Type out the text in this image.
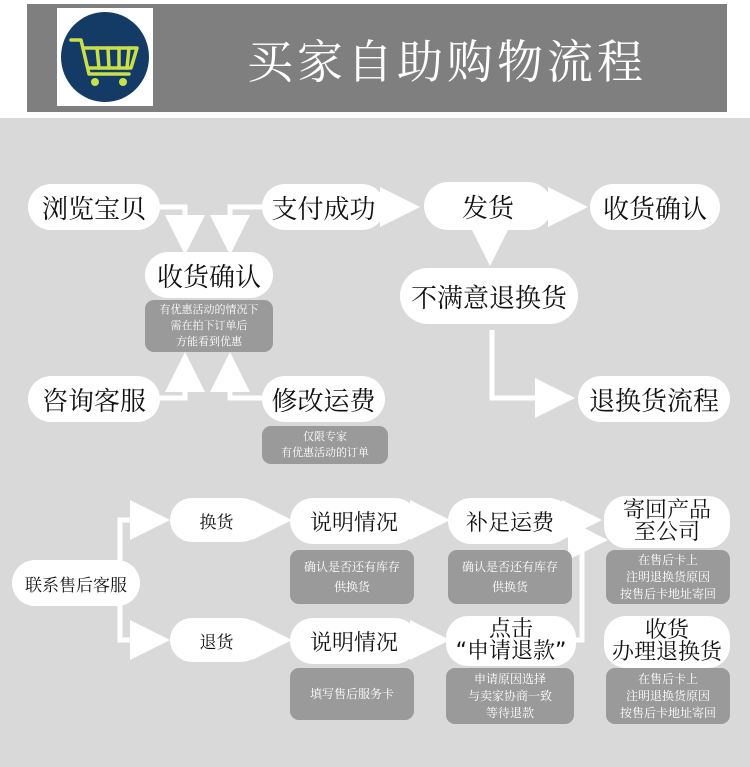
买家自助购物流程
浏览宝贝	支付成功	发货	收货确认
收货确认
有优惠活动的情况下
需在拍下订单后
方能看到优惠
不满意退换货
咨询客服	修改运费
仅限专家
有优惠活动的订单
退换货流程
联系售后客服
换货
退货
说明情况
确认是否还有库存
供换货
补足运费
确认是否还有库存
供换货
寄回产品
至公司
在售后卡上
注明退换货原因
按售后卡地址寄回
说明情况
填写售后服务卡
点击
“申请退款”
申请原因选择
与卖家协商一致
等待退款
收货
办理退换货
在售后卡上
注明退换货原因
按售后卡地址寄回
